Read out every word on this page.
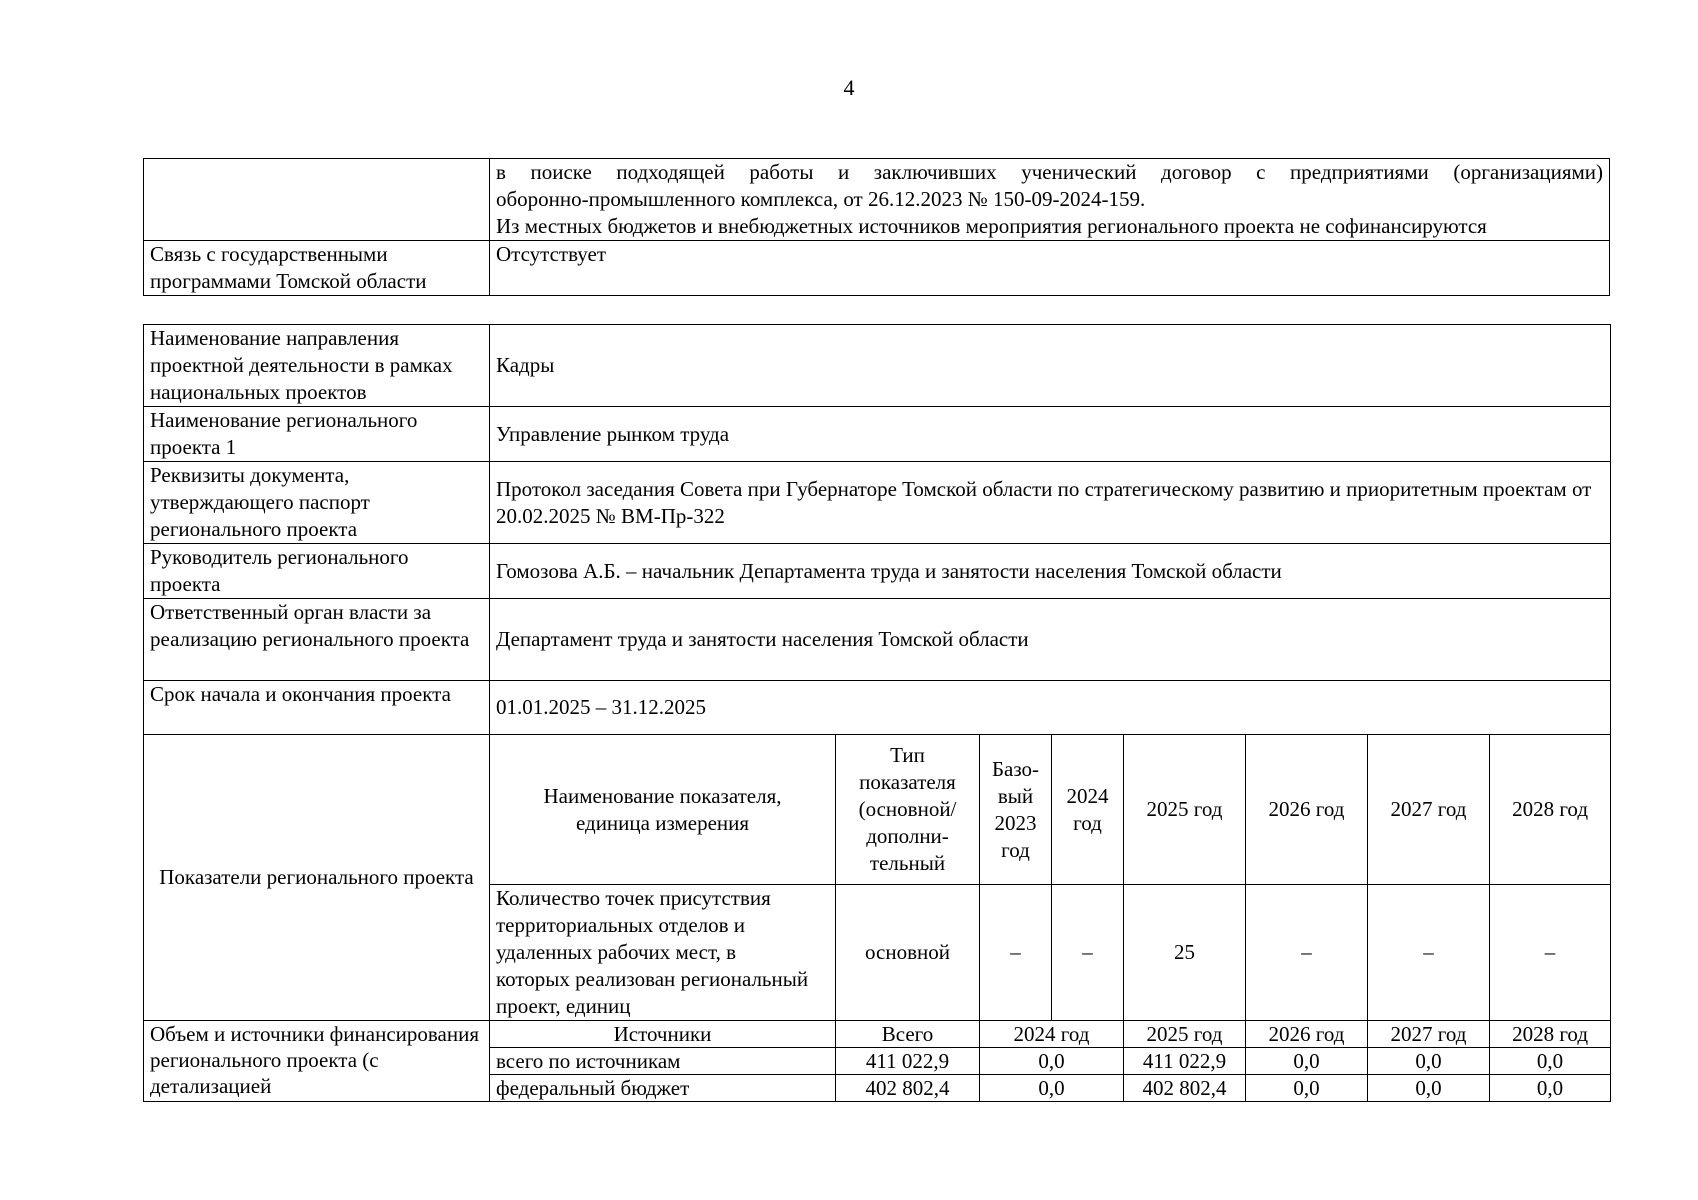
4

	в поиске подходящей работы и заключивших ученический договор с предприятиями (организациями)
оборонно-промышленного комплекса, от 26.12.2023 № 150-09-2024-159.
Из местных бюджетов и внебюджетных источников мероприятия регионального проекта не софинансируются

Связь с государственными программами Томской области	Отсутствует
Наименование направления проектной деятельности в рамках национальных проектов	Кадры							
Наименование регионального проекта 1	Управление рынком труда							
Реквизиты документа, утверждающего паспорт регионального проекта	Протокол заседания Совета при Губернаторе Томской области по стратегическому развитию и приоритетным проектам от 20.02.2025 № ВМ-Пр-322							
Руководитель регионального проекта	Гомозова А.Б. – начальник Департамента труда и занятости населения Томской области							
Ответственный орган власти за реализацию регионального проекта	Департамент труда и занятости населения Томской области							
Срок начала и окончания проекта	01.01.2025 – 31.12.2025							
Показатели регионального проекта	Наименование показателя, единица измерения	Тип показателя (основной/ дополни-тельный	Базо-вый 2023 год	2024 год	2025 год	2026 год	2027 год	2028 год
	Количество точек присутствия территориальных отделов и удаленных рабочих мест, в которых реализован региональный проект, единиц	основной	–	–	25	–	–	–
Объем и источники финансирования регионального проекта (с детализацией	Источники	Всего	2024 год		2025 год	2026 год	2027 год	2028 год
	всего по источникам	411 022,9	0,0		411 022,9	0,0	0,0	0,0
	федеральный бюджет	402 802,4	0,0		402 802,4	0,0	0,0	0,0
